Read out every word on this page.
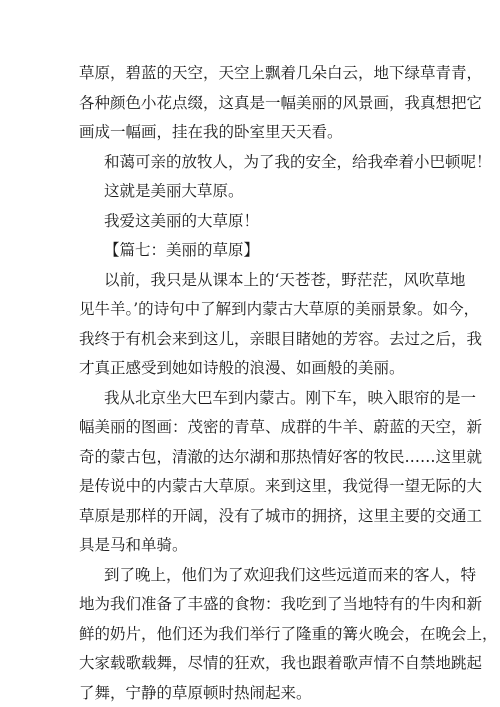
草原，碧蓝的天空，天空上飘着几朵白云，地下绿草青青，
各种颜色小花点缀，这真是一幅美丽的风景画，我真想把它
画成一幅画，挂在我的卧室里天天看。
和蔼可亲的放牧人，为了我的安全，给我牵着小巴顿呢！
这就是美丽大草原。
我爱这美丽的大草原！
【篇七：美丽的草原】
以前，我只是从课本上的‘天苍苍，野茫茫，风吹草地
见牛羊。’的诗句中了解到内蒙古大草原的美丽景象。如今，
我终于有机会来到这儿，亲眼目睹她的芳容。去过之后，我
才真正感受到她如诗般的浪漫、如画般的美丽。
我从北京坐大巴车到内蒙古。刚下车，映入眼帘的是一
幅美丽的图画：茂密的青草、成群的牛羊、蔚蓝的天空，新
奇的蒙古包，清澈的达尔湖和那热情好客的牧民……这里就
是传说中的内蒙古大草原。来到这里，我觉得一望无际的大
草原是那样的开阔，没有了城市的拥挤，这里主要的交通工
具是马和单骑。
到了晚上，他们为了欢迎我们这些远道而来的客人，特
地为我们准备了丰盛的食物：我吃到了当地特有的牛肉和新
鲜的奶片，他们还为我们举行了隆重的篝火晚会，在晚会上，
大家载歌载舞，尽情的狂欢，我也跟着歌声情不自禁地跳起
了舞，宁静的草原顿时热闹起来。
